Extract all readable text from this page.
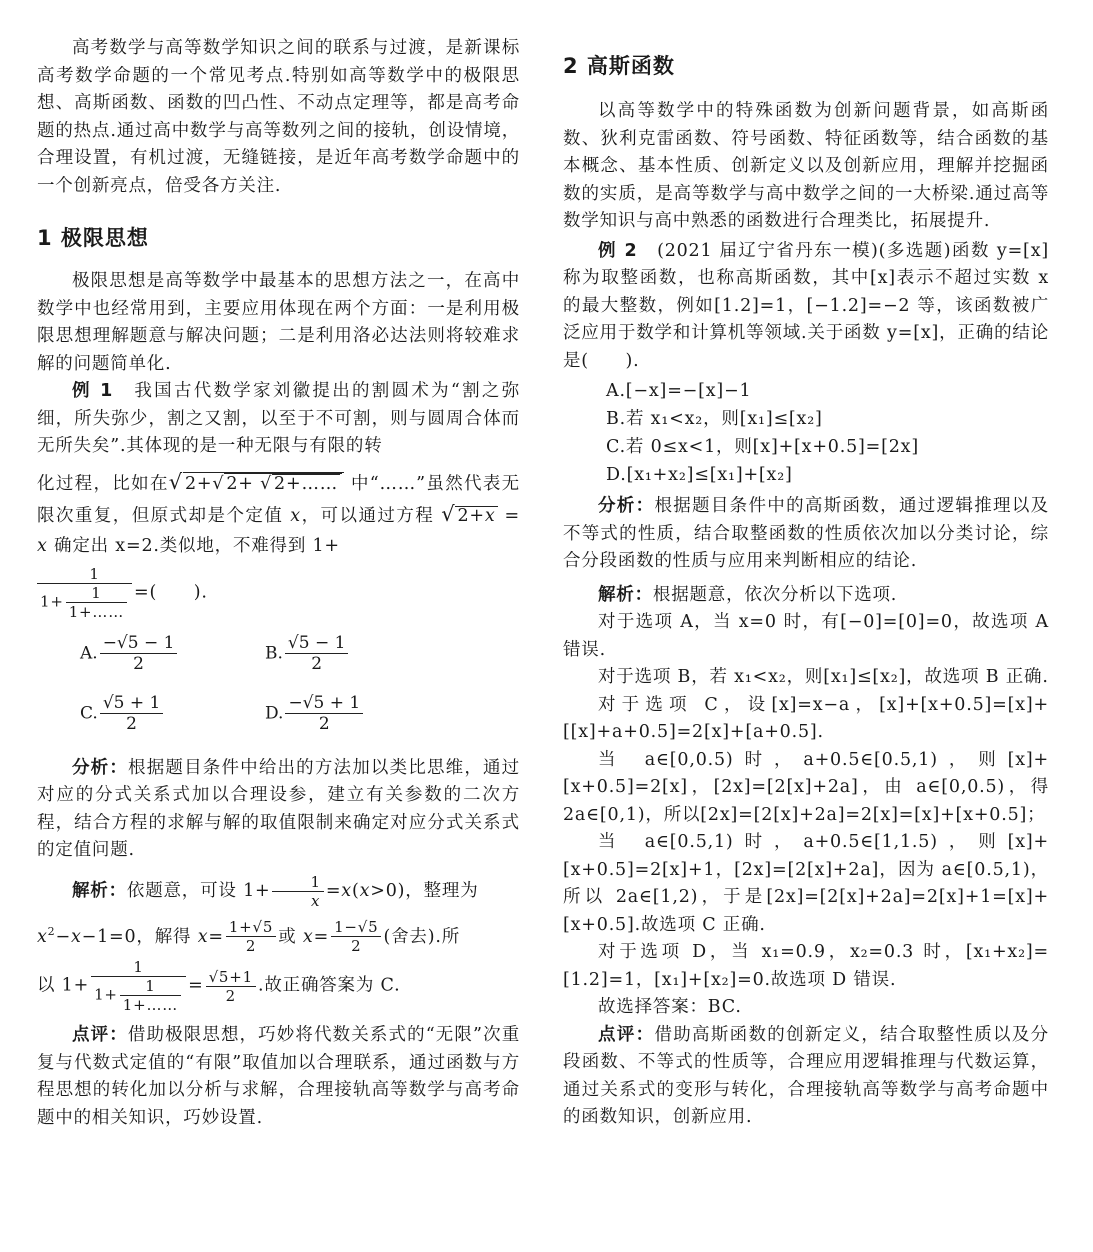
高考数学与高等数学知识之间的联系与过渡，是新课标高考数学命题的一个常见考点.特别如高等数学中的极限思想、高斯函数、函数的凹凸性、不动点定理等，都是高考命题的热点.通过高中数学与高等数列之间的接轨，创设情境，合理设置，有机过渡，无缝链接，是近年高考数学命题中的一个创新亮点，倍受各方关注.

1 极限思想

极限思想是高等数学中最基本的思想方法之一，在高中数学中也经常用到，主要应用体现在两个方面：一是利用极限思想理解题意与解决问题；二是利用洛必达法则将较难求解的问题简单化.

例 1　 我国古代数学家刘徽提出的割圆术为“割之弥细，所失弥少，割之又割，以至于不可割，则与圆周合体而无所失矣”.其体现的是一种无限与有限的转

化过程，比如在√ 2+√ 2+ √ 2+…… 中“……”虽然代表无限次重复，但原式却是个定值 x，可以通过方程 √ 2+x = x 确定出 x=2.类似地，不难得到 1+
$\frac{1}{1+ \frac{1}{1+\dots\dots}}$ =(　　).
A. $\frac{-√5 - 1}{2}$	B. $\frac{√5 - 1}{2}$
C. $\frac{√5 + 1}{2}$	D. $\frac{-√5 + 1}{2}$

分析：根据题目条件中给出的方法加以类比思维，通过对应的分式关系式加以合理设参，建立有关参数的二次方程，结合方程的求解与解的取值限制来确定对应分式关系式的定值问题.

解析：依题意，可设 $1+ \frac{1}{x} =x(x>0)$，整理为
$x^2-x-1=0$，解得 $x= \frac{1+√5}{2}$ 或 $x= \frac{1-√5}{2}$ (舍去).所
以 $1+ \frac{1}{1+ \frac{1}{1+\dots\dots}} = \frac{√5+1}{2}$ .故正确答案为 C.

点评：借助极限思想，巧妙将代数关系式的“无限”次重复与代数式定值的“有限”取值加以合理联系，通过函数与方程思想的转化加以分析与求解，合理接轨高等数学与高考命题中的相关知识，巧妙设置.

2 高斯函数

以高等数学中的特殊函数为创新问题背景，如高斯函数、狄利克雷函数、符号函数、特征函数等，结合函数的基本概念、基本性质、创新定义以及创新应用，理解并挖掘函数的实质，是高等数学与高中数学之间的一大桥梁.通过高等数学知识与高中熟悉的函数进行合理类比，拓展提升.

例 2　 (2021 届辽宁省丹东一模)(多选题)函数 y=[x]称为取整函数，也称高斯函数，其中[x]表示不超过实数 x 的最大整数，例如[1.2]=1，[−1.2]=−2 等，该函数被广泛应用于数学和计算机等领域.关于函数 y=[x]，正确的结论是(　　).

A.[−x]=−[x]−1
B.若 x₁<x₂，则[x₁]≤[x₂]
C.若 0≤x<1，则[x]+[x+0.5]=[2x]
D.[x₁+x₂]≤[x₁]+[x₂]

分析：根据题目条件中的高斯函数，通过逻辑推理以及不等式的性质，结合取整函数的性质依次加以分类讨论，综合分段函数的性质与应用来判断相应的结论.

解析：根据题意，依次分析以下选项.

对于选项 A，当 x=0 时，有[−0]=[0]=0，故选项 A 错误.

对于选项 B，若 x₁<x₂，则[x₁]≤[x₂]，故选项 B 正确.

对于选项 C，设[x]=x−a，[x]+[x+0.5]=[x]+[[x]+a+0.5]=2[x]+[a+0.5].

当 a∈[0,0.5)时，a+0.5∈[0.5,1)，则[x]+[x+0.5]=2[x]，[2x]=[2[x]+2a]，由 a∈[0,0.5)，得 2a∈[0,1)，所以[2x]=[2[x]+2a]=2[x]=[x]+[x+0.5]；

当 a∈[0.5,1)时，a+0.5∈[1,1.5)，则[x]+[x+0.5]=2[x]+1，[2x]=[2[x]+2a]，因为 a∈[0.5,1)，所以 2a∈[1,2)，于是[2x]=[2[x]+2a]=2[x]+1=[x]+[x+0.5].故选项 C 正确.

对于选项 D，当 x₁=0.9，x₂=0.3 时，[x₁+x₂]=[1.2]=1，[x₁]+[x₂]=0.故选项 D 错误.

故选择答案：BC.

点评：借助高斯函数的创新定义，结合取整性质以及分段函数、不等式的性质等，合理应用逻辑推理与代数运算，通过关系式的变形与转化，合理接轨高等数学与高考命题中的函数知识，创新应用.
